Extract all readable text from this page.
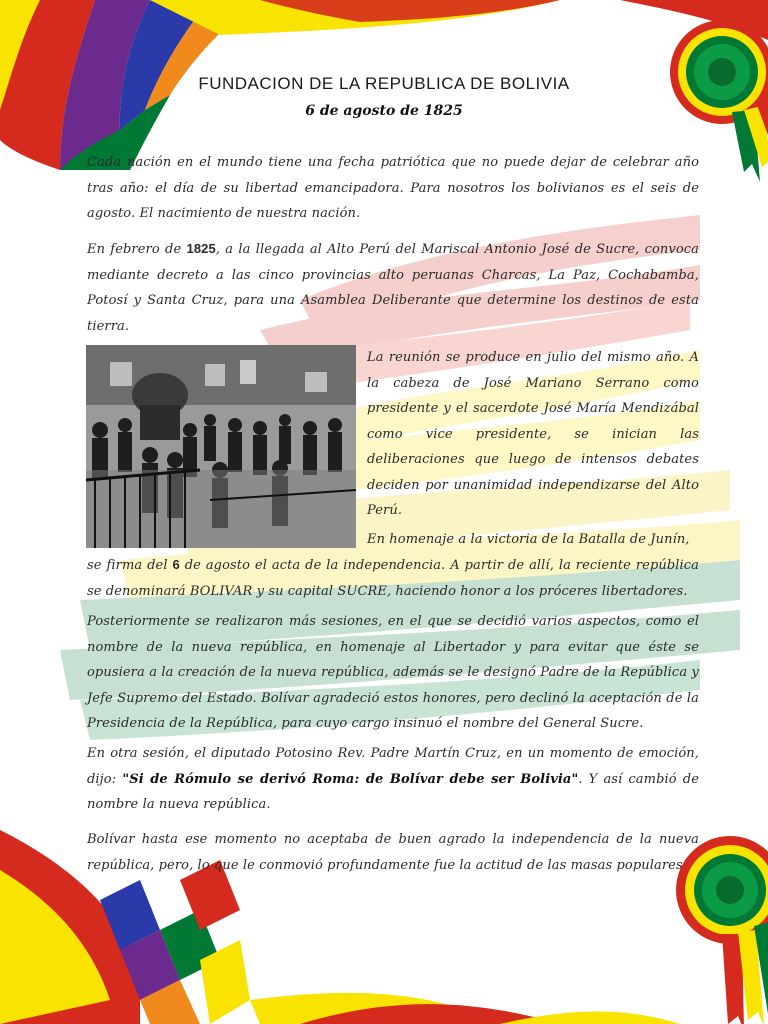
FUNDACION DE LA REPUBLICA DE BOLIVIA
6 de agosto de 1825

Cada nación en el mundo tiene una fecha patriótica que no puede dejar de celebrar año tras año: el día de su libertad emancipadora. Para nosotros los bolivianos es el seis de agosto. El nacimiento de nuestra nación.

En febrero de 1825, a la llegada al Alto Perú del Mariscal Antonio José de Sucre, convoca mediante decreto a las cinco provincias alto peruanas Charcas, La Paz, Cochabamba, Potosí y Santa Cruz, para una Asamblea Deliberante que determine los destinos de esta tierra.

La reunión se produce en julio del mismo año. A la cabeza de José Mariano Serrano como presidente y el sacerdote José María Mendizábal como vice presidente, se inician las deliberaciones que luego de intensos debates deciden por unanimidad independizarse del Alto Perú.

En homenaje a la victoria de la Batalla de Junín,

se firma del 6 de agosto el acta de la independencia. A partir de allí, la reciente república se denominará BOLIVAR y su capital SUCRE, haciendo honor a los próceres libertadores.

Posteriormente se realizaron más sesiones, en el que se decidió varios aspectos, como el nombre de la nueva república, en homenaje al Libertador y para evitar que éste se opusiera a la creación de la nueva república, además se le designó Padre de la República y Jefe Supremo del Estado. Bolívar agradeció estos honores, pero declinó la aceptación de la Presidencia de la República, para cuyo cargo insinuó el nombre del General Sucre.

En otra sesión, el diputado Potosino Rev. Padre Martín Cruz, en un momento de emoción, dijo: "Si de Rómulo se derivó Roma: de Bolívar debe ser Bolivia". Y así cambió de nombre la nueva república.

Bolívar hasta ese momento no aceptaba de buen agrado la independencia de la nueva república, pero, lo que le conmovió profundamente fue la actitud de las masas populares
